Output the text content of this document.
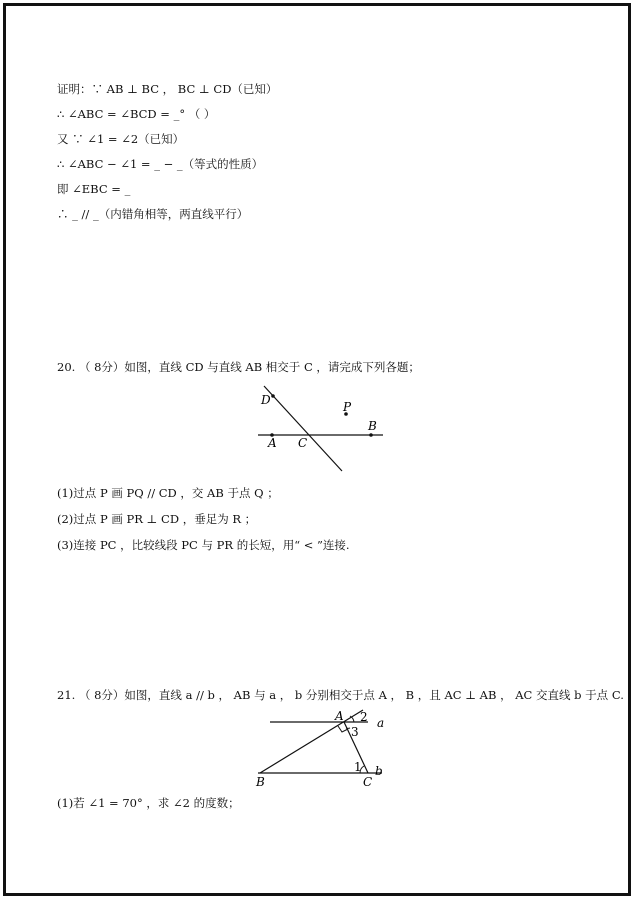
证明：∵ AB ⊥ BC ， BC ⊥ CD（已知）
∴ ∠ABC = ∠BCD = _° （ ）
又 ∵ ∠1 = ∠2（已知）
∴ ∠ABC − ∠1 = _ − _（等式的性质）
即 ∠EBC = _
∴ _ // _（内错角相等，两直线平行）
20. （ 8分）如图，直线 CD 与直线 AB 相交于 C ，请完成下列各题；
D	P
B
A C
(1)过点 P 画 PQ // CD ，交 AB 于点 Q ；
(2)过点 P 画 PR ⊥ CD ，垂足为 R ；
(3)连接 PC ，比较线段 PC 与 PR 的长短，用“ < ”连接.
21. （ 8分）如图，直线 a // b ， AB 与 a ， b 分别相交于点 A ， B ，且 AC ⊥ AB ， AC 交直线 b 于点 C.
A 2 a
3
1 b
B	C
(1)若 ∠1 = 70° ，求 ∠2 的度数；
